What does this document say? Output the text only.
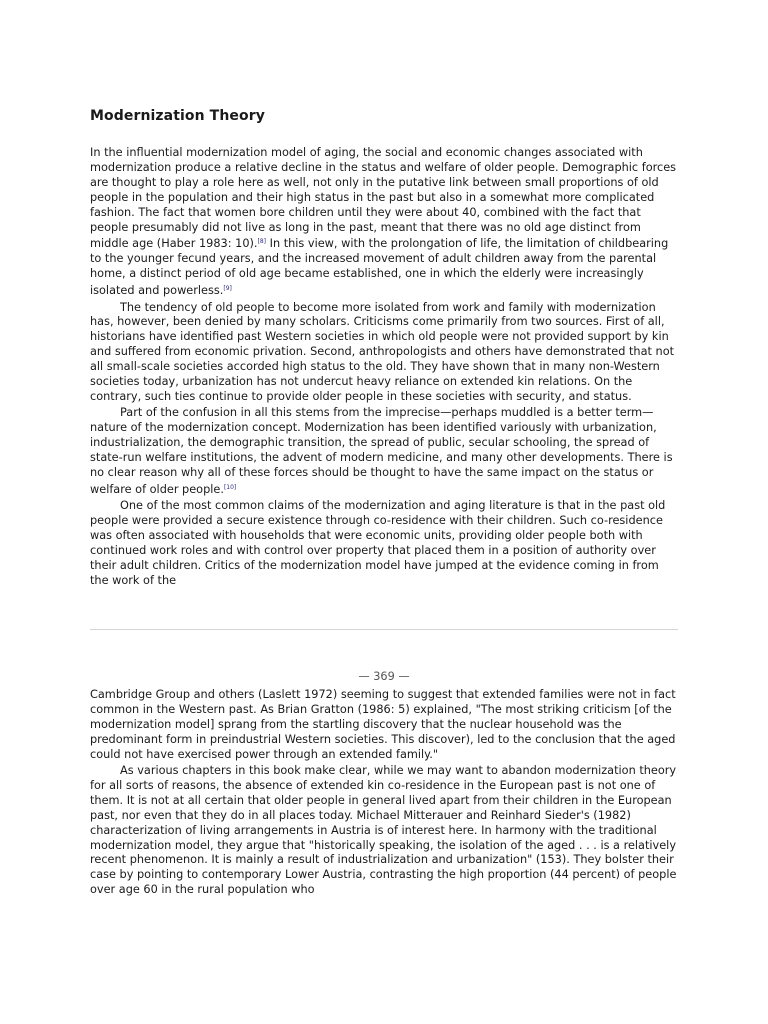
Modernization Theory

In the influential modernization model of aging, the social and economic changes associated with modernization produce a relative decline in the status and welfare of older people. Demographic forces are thought to play a role here as well, not only in the putative link between small proportions of old people in the population and their high status in the past but also in a somewhat more complicated fashion. The fact that women bore children until they were about 40, combined with the fact that people presumably did not live as long in the past, meant that there was no old age distinct from middle age (Haber 1983: 10).[8] In this view, with the prolongation of life, the limitation of childbearing to the younger fecund years, and the increased movement of adult children away from the parental home, a distinct period of old age became established, one in which the elderly were increasingly isolated and powerless.[9]

The tendency of old people to become more isolated from work and family with modernization has, however, been denied by many scholars. Criticisms come primarily from two sources. First of all, historians have identified past Western societies in which old people were not provided support by kin and suffered from economic privation. Second, anthropologists and others have demonstrated that not all small-scale societies accorded high status to the old. They have shown that in many non-Western societies today, urbanization has not undercut heavy reliance on extended kin relations. On the contrary, such ties continue to provide older people in these societies with security, and status.

Part of the confusion in all this stems from the imprecise—perhaps muddled is a better term—nature of the modernization concept. Modernization has been identified variously with urbanization, industrialization, the demographic transition, the spread of public, secular schooling, the spread of state-run welfare institutions, the advent of modern medicine, and many other developments. There is no clear reason why all of these forces should be thought to have the same impact on the status or welfare of older people.[10]

One of the most common claims of the modernization and aging literature is that in the past old people were provided a secure existence through co-residence with their children. Such co-residence was often associated with households that were economic units, providing older people both with continued work roles and with control over property that placed them in a position of authority over their adult children. Critics of the modernization model have jumped at the evidence coming in from the work of the

— 369 —

Cambridge Group and others (Laslett 1972) seeming to suggest that extended families were not in fact common in the Western past. As Brian Gratton (1986: 5) explained, "The most striking criticism [of the modernization model] sprang from the startling discovery that the nuclear household was the predominant form in preindustrial Western societies. This discover), led to the conclusion that the aged could not have exercised power through an extended family."

As various chapters in this book make clear, while we may want to abandon modernization theory for all sorts of reasons, the absence of extended kin co-residence in the European past is not one of them. It is not at all certain that older people in general lived apart from their children in the European past, nor even that they do in all places today. Michael Mitterauer and Reinhard Sieder's (1982) characterization of living arrangements in Austria is of interest here. In harmony with the traditional modernization model, they argue that "historically speaking, the isolation of the aged . . . is a relatively recent phenomenon. It is mainly a result of industrialization and urbanization" (153). They bolster their case by pointing to contemporary Lower Austria, contrasting the high proportion (44 percent) of people over age 60 in the rural population who
